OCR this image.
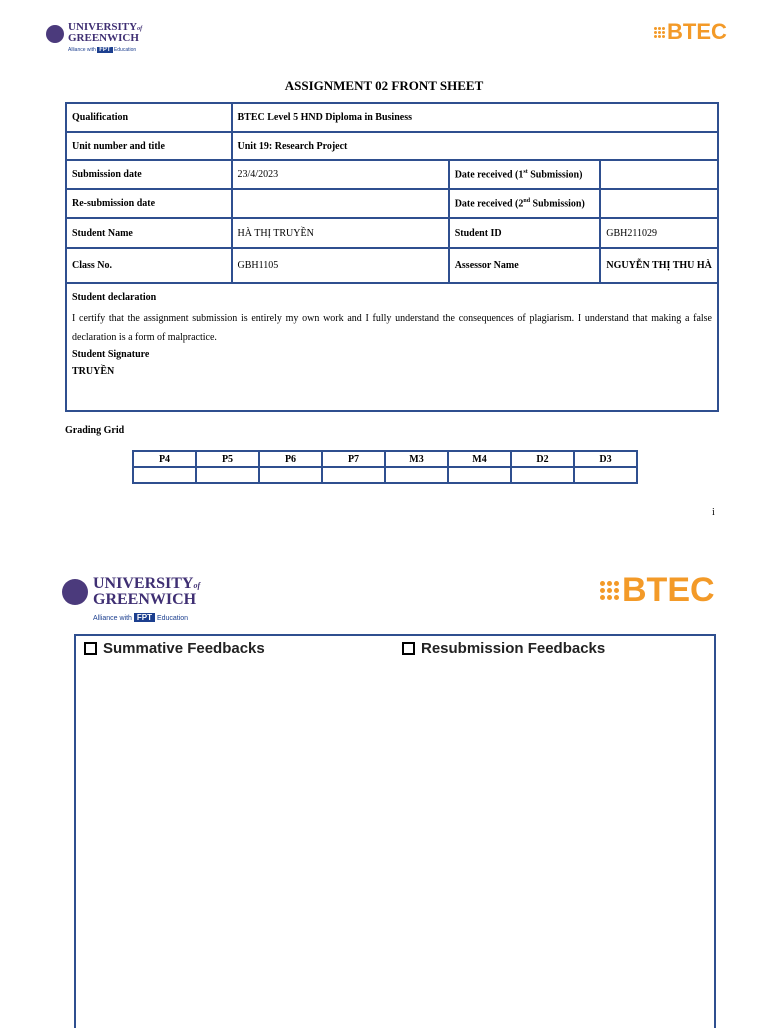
UNIVERSITYof
GREENWICH
Alliance with FPT Education
BTEC
ASSIGNMENT 02 FRONT SHEET
Qualification	BTEC Level 5 HND Diploma in Business		
Unit number and title	Unit 19: Research Project		
Submission date	23/4/2023	Date received (1st Submission)	
Re-submission date		Date received (2nd Submission)	
Student Name	HÀ THỊ TRUYỀN	Student ID	GBH211029
Class No.	GBH1105	Assessor Name	NGUYỄN THỊ THU HÀ

Student declaration

I certify that the assignment submission is entirely my own work and I fully understand the consequences of plagiarism. I understand that making a false declaration is a form of malpractice.

Student Signature

TRUYỀN			

Grading Grid
P4	P5	P6	P7	M3	M4	D2	D3

i
UNIVERSITYof
GREENWICH
Alliance with FPT Education
BTEC
Summative Feedbacks	Resubmission Feedbacks
